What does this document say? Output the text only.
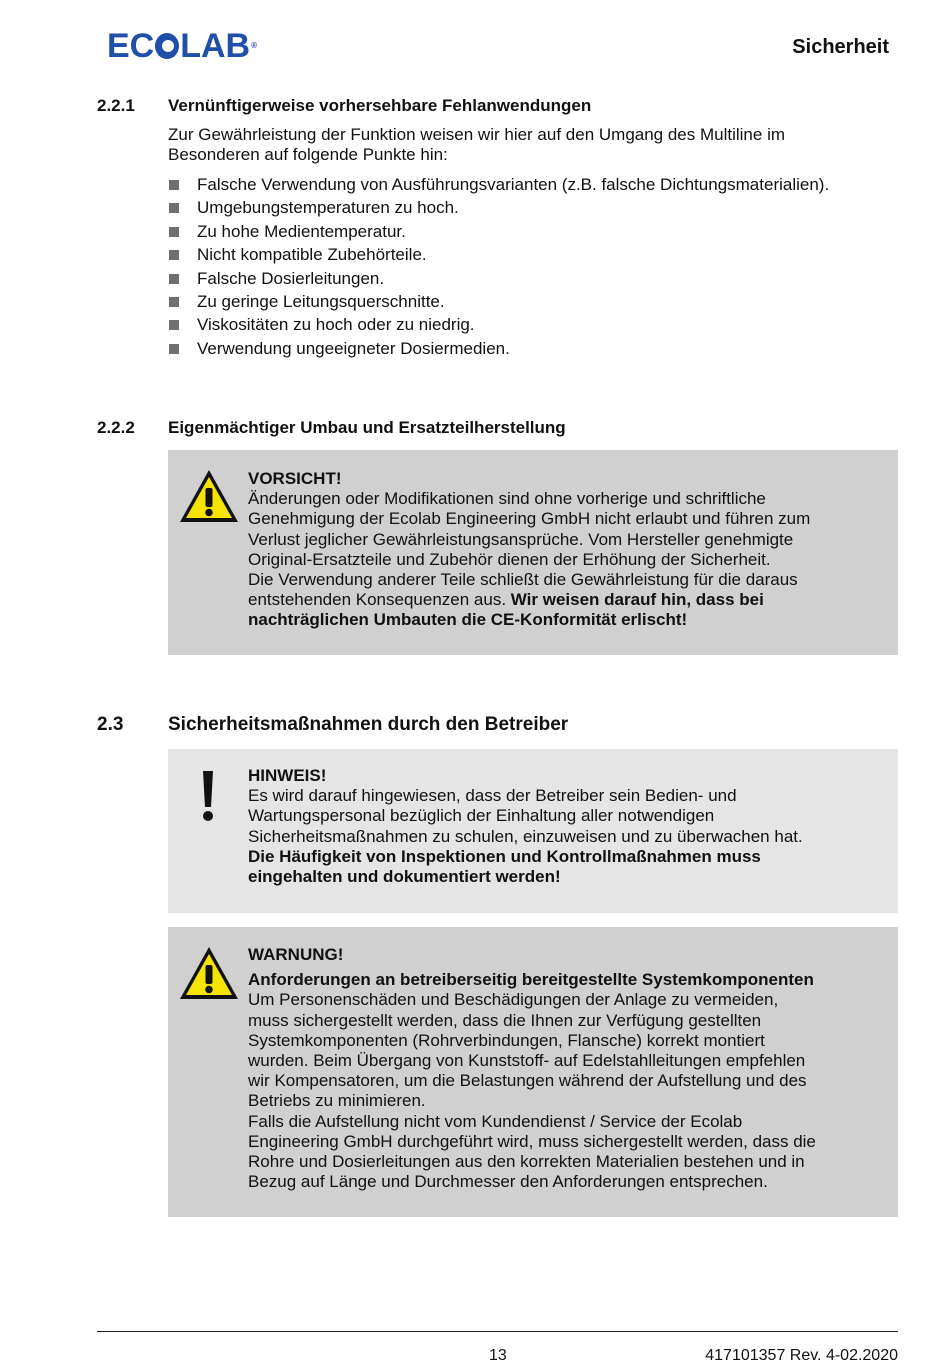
EC LAB ®	Sicherheit
2.2.1 Vernünftigerweise vorhersehbare Fehlanwendungen
Zur Gewährleistung der Funktion weisen wir hier auf den Umgang des Multiline im
Besonderen auf folgende Punkte hin:
Falsche Verwendung von Ausführungsvarianten (z.B. falsche Dichtungsmaterialien).
Umgebungstemperaturen zu hoch.
Zu hohe Medientemperatur.
Nicht kompatible Zubehörteile.
Falsche Dosierleitungen.
Zu geringe Leitungsquerschnitte.
Viskositäten zu hoch oder zu niedrig.
Verwendung ungeeigneter Dosiermedien.
2.2.2 Eigenmächtiger Umbau und Ersatzteilherstellung
VORSICHT!
Änderungen oder Modifikationen sind ohne vorherige und schriftliche
Genehmigung der Ecolab Engineering GmbH nicht erlaubt und führen zum
Verlust jeglicher Gewährleistungsansprüche. Vom Hersteller genehmigte
Original-Ersatzteile und Zubehör dienen der Erhöhung der Sicherheit.
Die Verwendung anderer Teile schließt die Gewährleistung für die daraus
entstehenden Konsequenzen aus. Wir weisen darauf hin, dass bei
nachträglichen Umbauten die CE-Konformität erlischt!
2.3 Sicherheitsmaßnahmen durch den Betreiber
HINWEIS!
Es wird darauf hingewiesen, dass der Betreiber sein Bedien- und
Wartungspersonal bezüglich der Einhaltung aller notwendigen
Sicherheitsmaßnahmen zu schulen, einzuweisen und zu überwachen hat.
Die Häufigkeit von Inspektionen und Kontrollmaßnahmen muss
eingehalten und dokumentiert werden!
WARNUNG!
Anforderungen an betreiberseitig bereitgestellte Systemkomponenten
Um Personenschäden und Beschädigungen der Anlage zu vermeiden,
muss sichergestellt werden, dass die Ihnen zur Verfügung gestellten
Systemkomponenten (Rohrverbindungen, Flansche) korrekt montiert
wurden. Beim Übergang von Kunststoff- auf Edelstahlleitungen empfehlen
wir Kompensatoren, um die Belastungen während der Aufstellung und des
Betriebs zu minimieren.
Falls die Aufstellung nicht vom Kundendienst / Service der Ecolab
Engineering GmbH durchgeführt wird, muss sichergestellt werden, dass die
Rohre und Dosierleitungen aus den korrekten Materialien bestehen und in
Bezug auf Länge und Durchmesser den Anforderungen entsprechen.
13	417101357 Rev. 4-02.2020
